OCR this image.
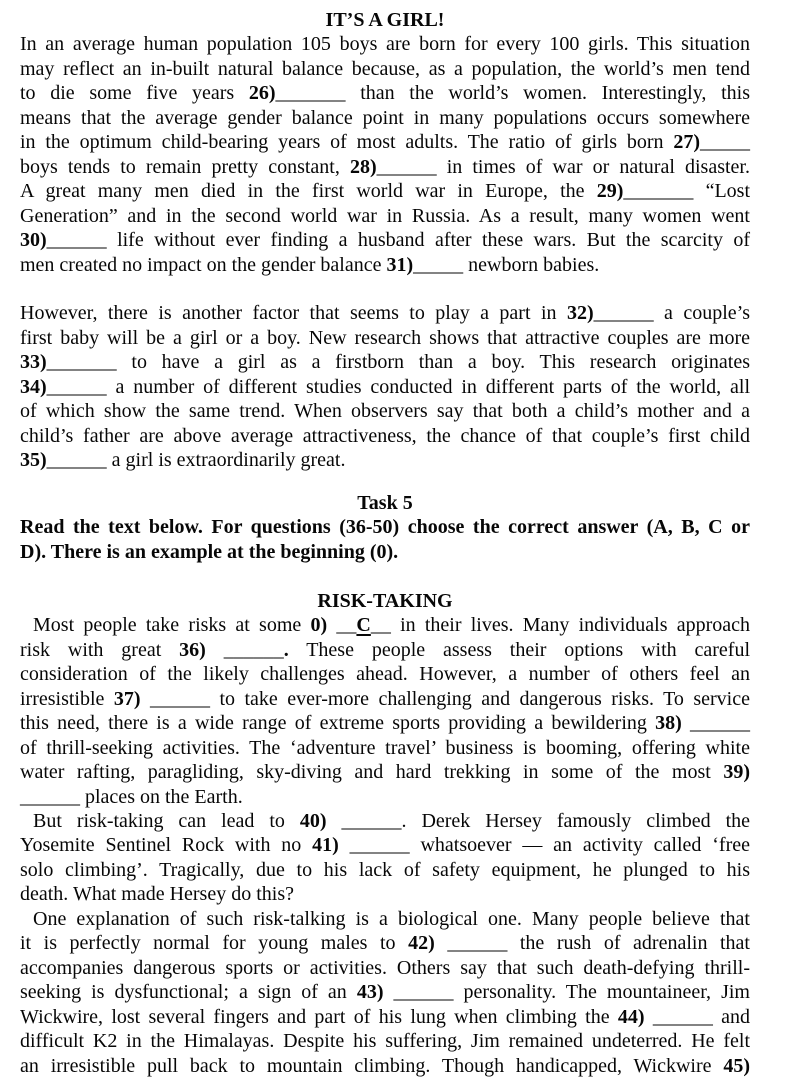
IT’S A GIRL!
In an average human population 105 boys are born for every 100 girls. This situation
may reflect an in-built natural balance because, as a population, the world’s men tend
to die some five years 26)_______ than the world’s women. Interestingly, this
means that the average gender balance point in many populations occurs somewhere
in the optimum child-bearing years of most adults. The ratio of girls born 27)_____
boys tends to remain pretty constant, 28)______ in times of war or natural disaster.
A great many men died in the first world war in Europe, the 29)_______ “Lost
Generation” and in the second world war in Russia. As a result, many women went
30)______ life without ever finding a husband after these wars. But the scarcity of
men created no impact on the gender balance 31)_____ newborn babies.
However, there is another factor that seems to play a part in 32)______ a couple’s
first baby will be a girl or a boy. New research shows that attractive couples are more
33)_______ to have a girl as a firstborn than a boy. This research originates
34)______ a number of different studies conducted in different parts of the world, all
of which show the same trend. When observers say that both a child’s mother and a
child’s father are above average attractiveness, the chance of that couple’s first child
35)______ a girl is extraordinarily great.
Task 5
Read the text below. For questions (36-50) choose the correct answer (A, B, C or
D). There is an example at the beginning (0).
RISK-TAKING
Most people take risks at some 0) __C__ in their lives. Many individuals approach
risk with great 36) ______. These people assess their options with careful
consideration of the likely challenges ahead. However, a number of others feel an
irresistible 37) ______ to take ever-more challenging and dangerous risks. To service
this need, there is a wide range of extreme sports providing a bewildering 38) ______
of thrill-seeking activities. The ‘adventure travel’ business is booming, offering white
water rafting, paragliding, sky-diving and hard trekking in some of the most 39)
______ places on the Earth.
But risk-taking can lead to 40) ______. Derek Hersey famously climbed the
Yosemite Sentinel Rock with no 41) ______ whatsoever — an activity called ‘free
solo climbing’. Tragically, due to his lack of safety equipment, he plunged to his
death. What made Hersey do this?
One explanation of such risk-talking is a biological one. Many people believe that
it is perfectly normal for young males to 42) ______ the rush of adrenalin that
accompanies dangerous sports or activities. Others say that such death-defying thrill-
seeking is dysfunctional; a sign of an 43) ______ personality. The mountaineer, Jim
Wickwire, lost several fingers and part of his lung when climbing the 44) ______ and
difficult K2 in the Himalayas. Despite his suffering, Jim remained undeterred. He felt
an irresistible pull back to mountain climbing. Though handicapped, Wickwire 45)
